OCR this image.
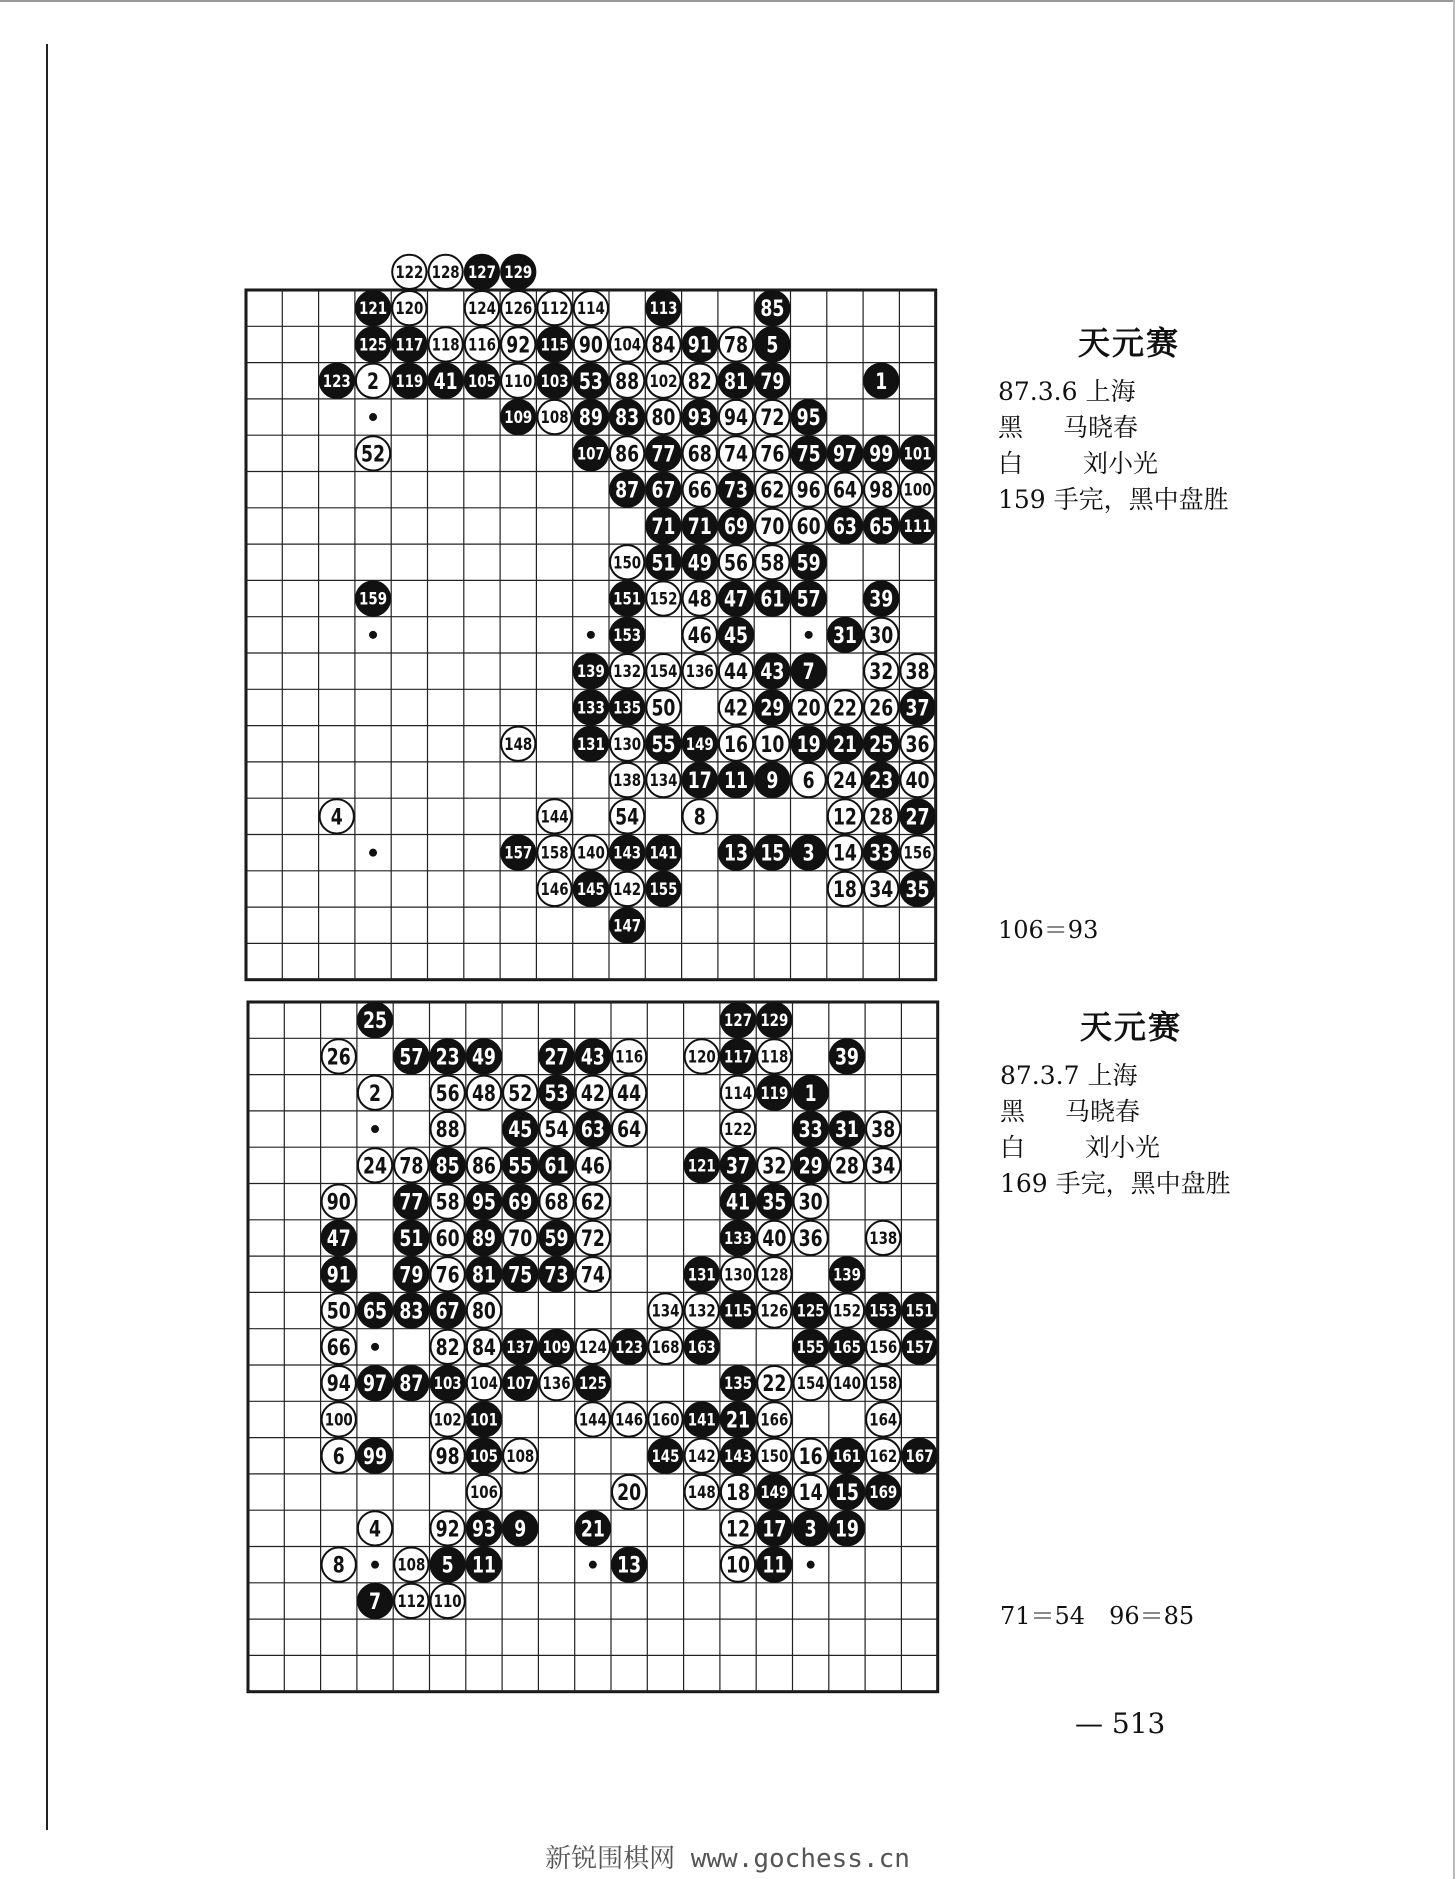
122 128 127 129
121 120	124 126 112 114	113	85
125 117 118 116 92 115 90 104 84 91 78 5
123 2 119 41 105 110 103 53 88 102 82 81 79	1
109 108 89 83 80 93 94 72 95
52	107 86 77 68 74 76 75 97 99 101
87 67 66 73 62 96 64 98 100
71 71 69 70 60 63 65 111
150 51 49 56 58 59
159	151 152 48 47 61 57 39
153 46 45	31 30
139 132 154 136 44 43 7 32 38
133 135 50 42 29 20 22 26 37
148	131 130 55 149 16 10 19 21 25 36
138 134 17 11 9 6 24 23 40
4	144 54 8	12 28 27
157 158 140 143 141 13 15 3 14 33 156
146 145 142 155	18 34 35
147
天元赛
87.3.6 上海
黑 马晓春
白 刘小光
159 手完，黑中盘胜
106＝93
25	127 129
26 57 23 49 27 43 116	120 117 118 39
2 56 48 52 53 42 44	114 119 1
88 45 54 63 64	122 33 31 38
24 78 85 86 55 61 46	121 37 32 29 28 34
90 77 58 95 69 68 62	41 35 30
47 51 60 89 70 59 72	133 40 36	138
91 79 76 81 75 73 74	131 130 128	139
50 65 83 67 80	134 132 115 126 125 152 153 151
66	82 84 137 109 124 123 168 163	155 165 156 157
94 97 87 103 104 107 136 125	135 22 154 140 158
100	102 101	144 146 160 141 21 166	164
6 99 98 105 108	145 142 143 150 16 161 162 167
106	20	148 18 149 14 15 169
4 92 93 9 21	12 17 3 19
8	108 5 11	13	10 11
7 112 110
天元赛
87.3.7 上海
黑 马晓春
白 刘小光
169 手完，黑中盘胜
71＝54　96＝85
— 513
新锐围棋网 www.gochess.cn
